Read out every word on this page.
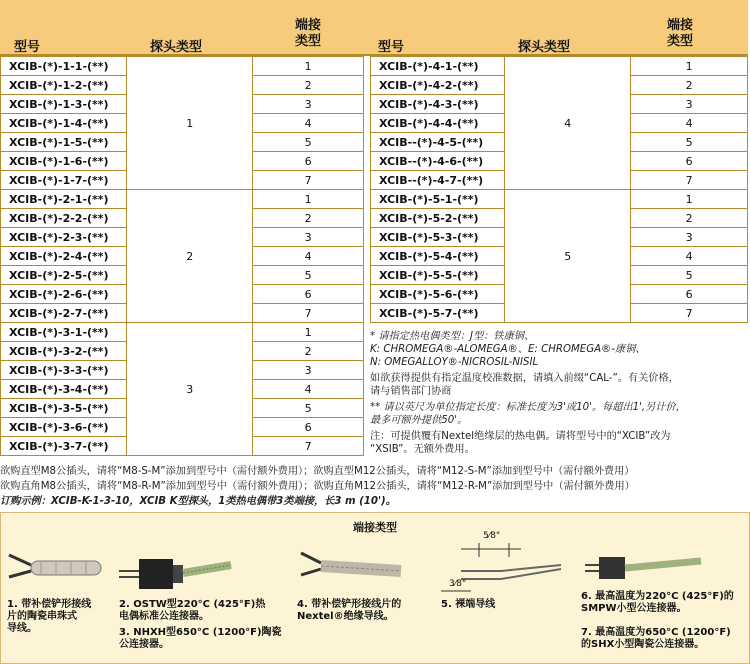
型号	探头类型
端接
类型	型号	探头类型
端接
类型
XCIB-(*)-1-1-(**)	1	1
XCIB-(*)-1-2-(**)		2
XCIB-(*)-1-3-(**)		3
XCIB-(*)-1-4-(**)		4
XCIB-(*)-1-5-(**)		5
XCIB-(*)-1-6-(**)		6
XCIB-(*)-1-7-(**)		7
XCIB-(*)-2-1-(**)	2	1
XCIB-(*)-2-2-(**)		2
XCIB-(*)-2-3-(**)		3
XCIB-(*)-2-4-(**)		4
XCIB-(*)-2-5-(**)		5
XCIB-(*)-2-6-(**)		6
XCIB-(*)-2-7-(**)		7
XCIB-(*)-3-1-(**)	3	1
XCIB-(*)-3-2-(**)		2
XCIB-(*)-3-3-(**)		3
XCIB-(*)-3-4-(**)		4
XCIB-(*)-3-5-(**)		5
XCIB-(*)-3-6-(**)		6
XCIB-(*)-3-7-(**)		7
XCIB-(*)-4-1-(**)	4	1
XCIB-(*)-4-2-(**)		2
XCIB-(*)-4-3-(**)		3
XCIB-(*)-4-4-(**)		4
XCIB--(*)-4-5-(**)		5
XCIB--(*)-4-6-(**)		6
XCIB--(*)-4-7-(**)		7
XCIB-(*)-5-1-(**)	5	1
XCIB-(*)-5-2-(**)		2
XCIB-(*)-5-3-(**)		3
XCIB-(*)-5-4-(**)		4
XCIB-(*)-5-5-(**)		5
XCIB-(*)-5-6-(**)		6
XCIB-(*)-5-7-(**)		7

* 请指定热电偶类型：J型：铁康铜、
K: CHROMEGA®-ALOMEGA®、E: CHROMEGA®-康铜、
N: OMEGALLOY®-NICROSIL-NISIL

如欲获得提供有指定温度校准数据，请填入前缀“CAL-”。有关价格，
请与销售部门协商

** 请以英尺为单位指定长度：标准长度为3'或10'。每超出1',另计价，
最多可额外提供50'。

注：可提供覆有Nextel绝缘层的热电偶。请将型号中的“XCIB”改为
“XSIB”。无额外费用。

欲购直型M8公插头，请将“M8-S-M”添加到型号中（需付额外费用）；欲购直型M12公插头，请将“M12-S-M”添加到型号中（需付额外费用）
欲购直角M8公插头，请将“M8-R-M”添加到型号中（需付额外费用）；欲购直角M12公插头，请将“M12-R-M”添加到型号中（需付额外费用）
订购示例：XCIB-K-1-3-10，XCIB K型探头，1类热电偶带3类端接，长3 m (10')。
端接类型
5⁄8"
3⁄8"
1. 带补偿铲形接线
片的陶瓷串珠式
导线。
2. OSTW型220°C (425°F)热
电偶标准公连接器。
3. NHXH型650°C (1200°F)陶瓷
公连接器。
4. 带补偿铲形接线片的
Nextel®绝缘导线。
5. 裸端导线
6. 最高温度为220°C (425°F)的
SMPW小型公连接器。
7. 最高温度为650°C (1200°F)
的SHX小型陶瓷公连接器。
